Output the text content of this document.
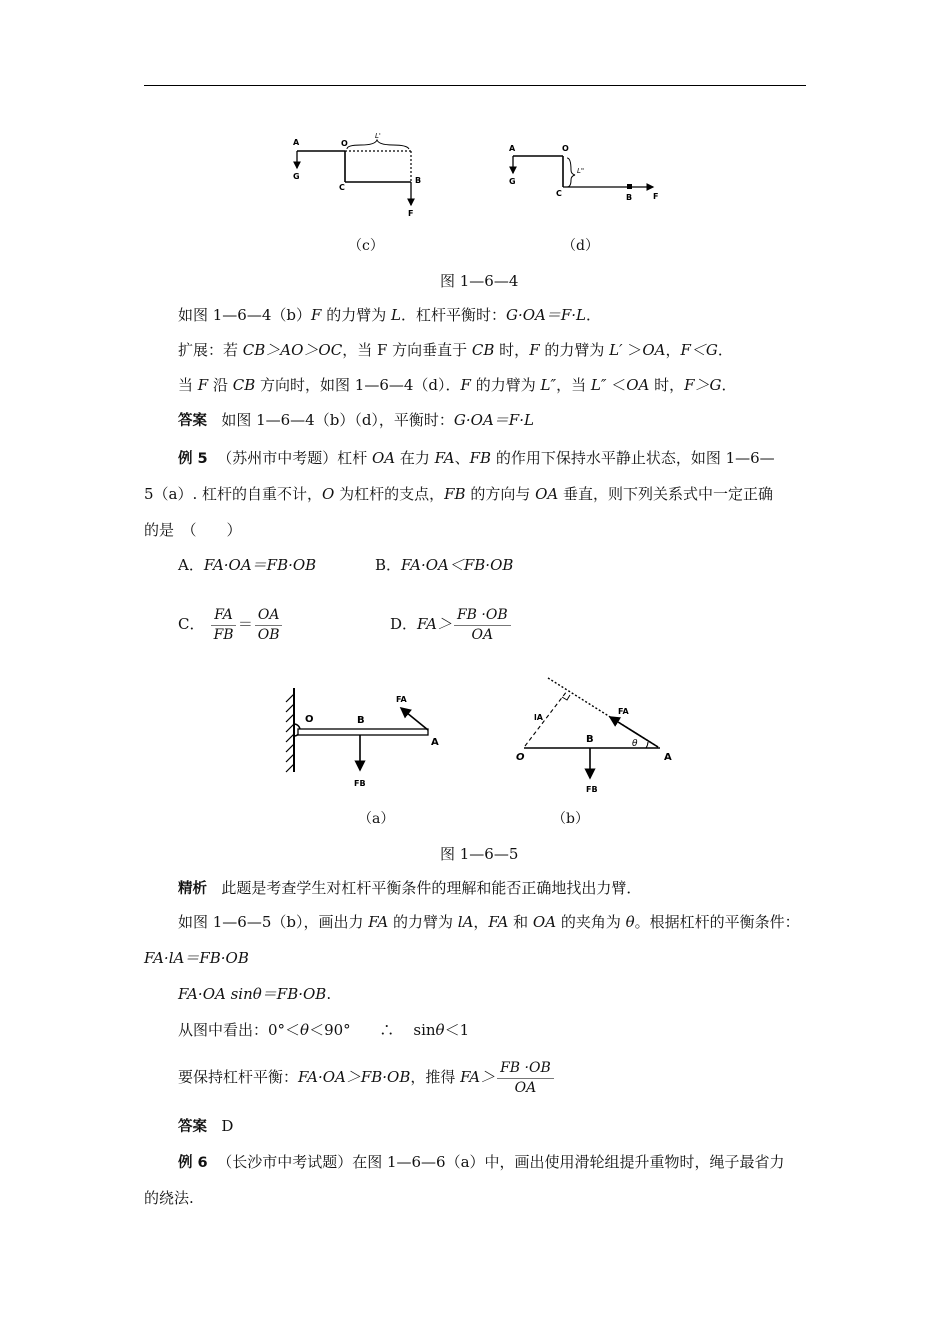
A
G
O
L'
C
B
F
A
G
O
L"
C	B	F
（c）	（d）
图 1—6—4
如图 1—6—4（b）F 的力臂为 L．杠杆平衡时：G·OA＝F·L．
扩展：若 CB＞AO＞OC，当 F 方向垂直于 CB 时，F 的力臂为 L′ ＞OA，F＜G．
当 F 沿 CB 方向时，如图 1—6—4（d）．F 的力臂为 L″，当 L″ ＜OA 时，F＞G．
答案 如图 1—6—4（b）（d），平衡时：G·OA＝F·L
例 5 （苏州市中考题）杠杆 OA 在力 FA、FB 的作用下保持水平静止状态，如图 1—6—
5（a）. 杠杆的自重不计，O 为杠杆的支点，FB 的方向与 OA 垂直，则下列关系式中一定正确
的是　（　　）
A．FA·OA＝FB·OB	B．FA·OA＜FB·OB
C． $\frac{FA}{FB} = \frac{OA}{OB}$	D．$FA> \frac{FB \cdot OB}{OA}$
O	B
A
FA
FB
O
B
A
FA
FB
lA
θ
（a）	（b）
图 1—6—5
精析 此题是考查学生对杠杆平衡条件的理解和能否正确地找出力臂．
如图 1—6—5（b），画出力 FA 的力臂为 lA，FA 和 OA 的夹角为 θ。根据杠杆的平衡条件：
FA·lA＝FB·OB
FA·OA sinθ＝FB·OB.
从图中看出：0°＜θ＜90° ∴ sinθ＜1
要保持杠杆平衡：FA·OA＞FB·OB，推得 $FA> \frac{FB \cdot OB}{OA}$
答案 D
例 6 （长沙市中考试题）在图 1—6—6（a）中，画出使用滑轮组提升重物时，绳子最省力
的绕法.
